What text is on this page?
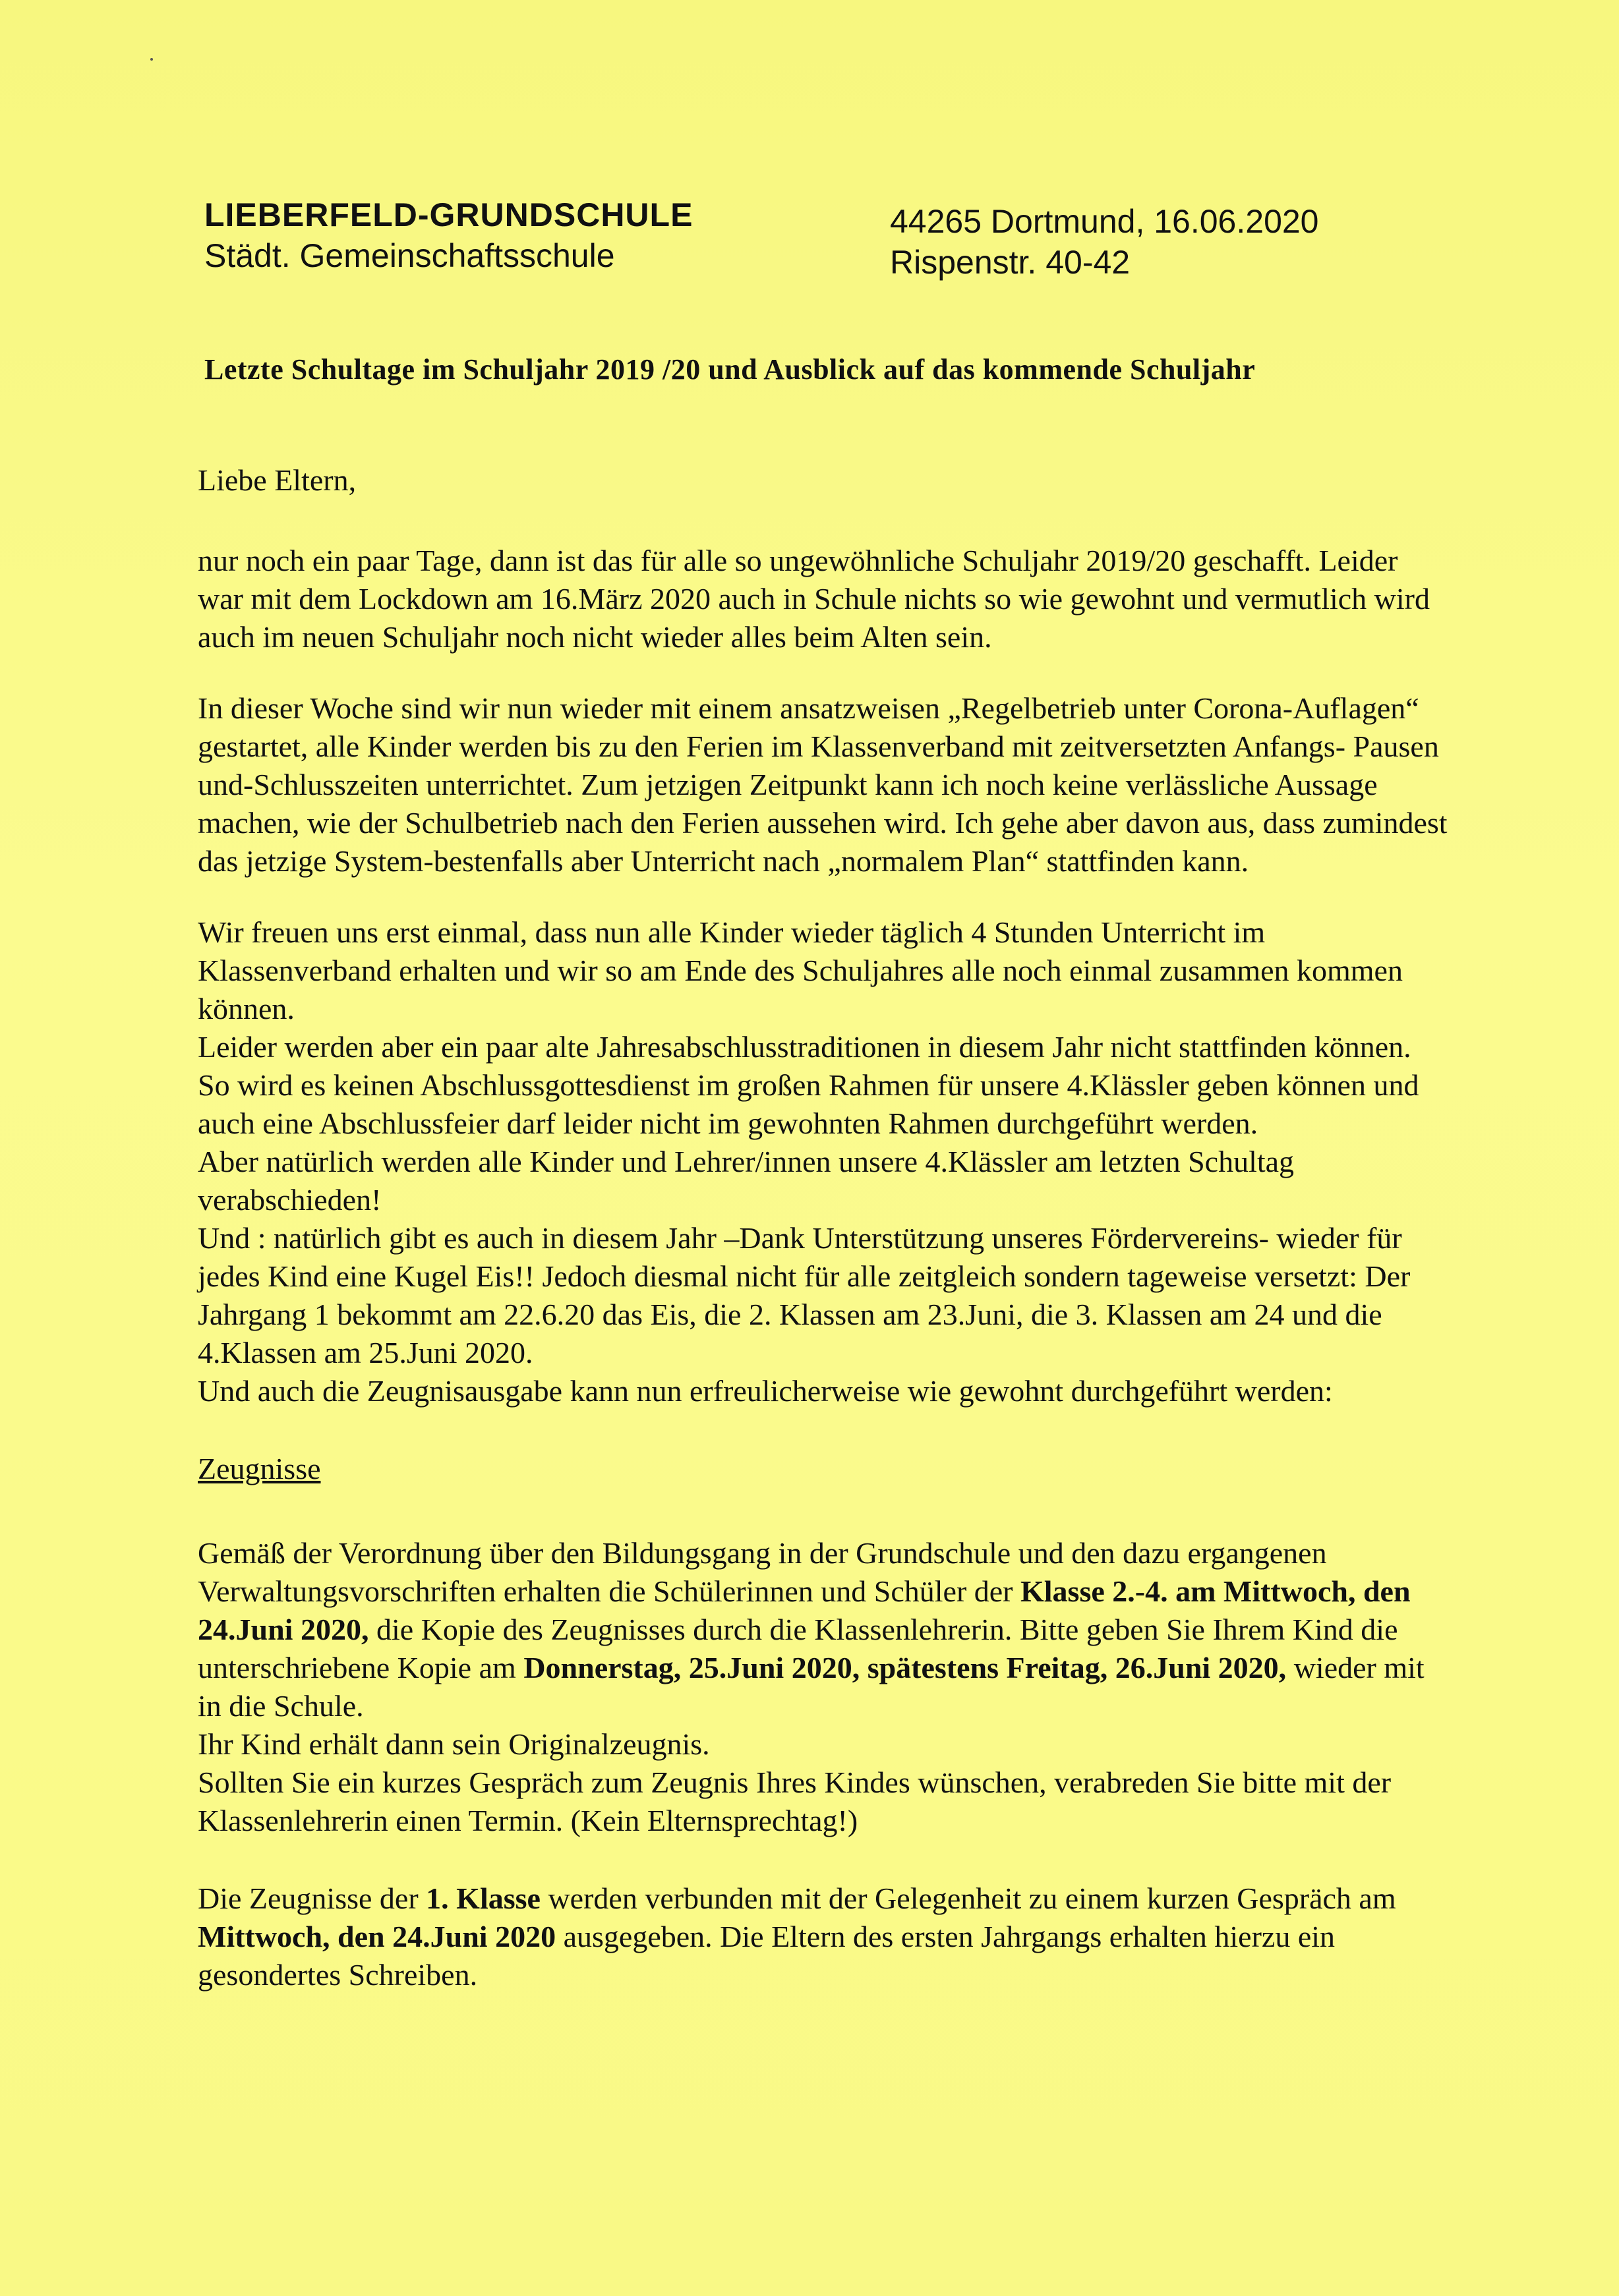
LIEBERFELD-GRUNDSCHULE
Städt. Gemeinschaftsschule
44265 Dortmund, 16.06.2020
Rispenstr. 40-42
Letzte Schultage im Schuljahr 2019 /20 und Ausblick auf das kommende Schuljahr

Liebe Eltern,

nur noch ein paar Tage, dann ist das für alle so ungewöhnliche Schuljahr 2019/20 geschafft. Leider war mit dem Lockdown am 16.März 2020 auch in Schule nichts so wie gewohnt und vermutlich wird auch im neuen Schuljahr noch nicht wieder alles beim Alten sein.

In dieser Woche sind wir nun wieder mit einem ansatzweisen „Regelbetrieb unter Corona-Auflagen“ gestartet, alle Kinder werden bis zu den Ferien im Klassenverband mit zeitversetzten Anfangs- Pausen und-Schlusszeiten unterrichtet. Zum jetzigen Zeitpunkt kann ich noch keine verlässliche Aussage machen, wie der Schulbetrieb nach den Ferien aussehen wird. Ich gehe aber davon aus, dass zumindest das jetzige System-bestenfalls aber Unterricht nach „normalem Plan“ stattfinden kann.

Wir freuen uns erst einmal, dass nun alle Kinder wieder täglich 4 Stunden Unterricht im Klassenverband erhalten und wir so am Ende des Schuljahres alle noch einmal zusammen kommen können.

Leider werden aber ein paar alte Jahresabschlusstraditionen in diesem Jahr nicht stattfinden können.

So wird es keinen Abschlussgottesdienst im großen Rahmen für unsere 4.Klässler geben können und auch eine Abschlussfeier darf leider nicht im gewohnten Rahmen durchgeführt werden.

Aber natürlich werden alle Kinder und Lehrer/innen unsere 4.Klässler am letzten Schultag verabschieden!

Und : natürlich gibt es auch in diesem Jahr –Dank Unterstützung unseres Fördervereins- wieder für jedes Kind eine Kugel Eis!! Jedoch diesmal nicht für alle zeitgleich sondern tageweise versetzt: Der Jahrgang 1 bekommt am 22.6.20 das Eis, die 2. Klassen am 23.Juni, die 3. Klassen am 24 und die 4.Klassen am 25.Juni 2020.

Und auch die Zeugnisausgabe kann nun erfreulicherweise wie gewohnt durchgeführt werden:

Zeugnisse

Gemäß der Verordnung über den Bildungsgang in der Grundschule und den dazu ergangenen Verwaltungsvorschriften erhalten die Schülerinnen und Schüler der Klasse 2.-4. am Mittwoch, den 24.Juni 2020, die Kopie des Zeugnisses durch die Klassenlehrerin. Bitte geben Sie Ihrem Kind die unterschriebene Kopie am Donnerstag, 25.Juni 2020, spätestens Freitag, 26.Juni 2020, wieder mit in die Schule.

Ihr Kind erhält dann sein Originalzeugnis.

Sollten Sie ein kurzes Gespräch zum Zeugnis Ihres Kindes wünschen, verabreden Sie bitte mit der Klassenlehrerin einen Termin. (Kein Elternsprechtag!)

Die Zeugnisse der 1. Klasse werden verbunden mit der Gelegenheit zu einem kurzen Gespräch am Mittwoch, den 24.Juni 2020 ausgegeben. Die Eltern des ersten Jahrgangs erhalten hierzu ein gesondertes Schreiben.
